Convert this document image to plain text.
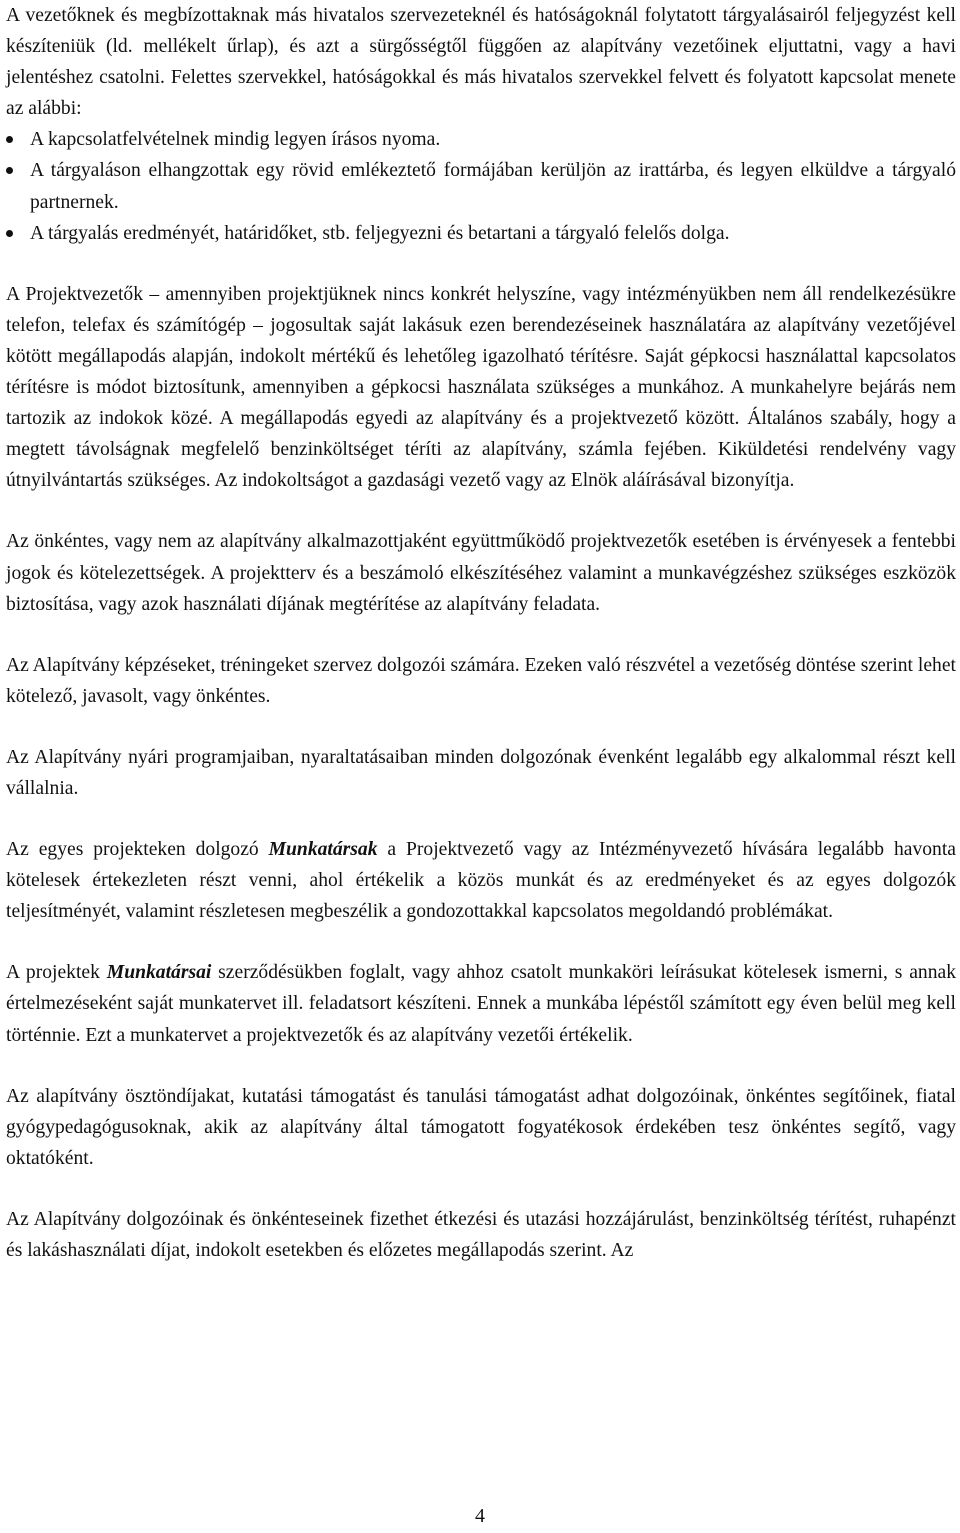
A vezetőknek és megbízottaknak más hivatalos szervezeteknél és hatóságoknál folytatott tárgyalásairól feljegyzést kell készíteniük (ld. mellékelt űrlap), és azt a sürgősségtől függően az alapítvány vezetőinek eljuttatni, vagy a havi jelentéshez csatolni. Felettes szervekkel, hatóságokkal és más hivatalos szervekkel felvett és folyatott kapcsolat menete az alábbi:

A kapcsolatfelvételnek mindig legyen írásos nyoma.
A tárgyaláson elhangzottak egy rövid emlékeztető formájában kerüljön az irattárba, és legyen elküldve a tárgyaló partnernek.
A tárgyalás eredményét, határidőket, stb. feljegyezni és betartani a tárgyaló felelős dolga.

A Projektvezetők – amennyiben projektjüknek nincs konkrét helyszíne, vagy intézményükben nem áll rendelkezésükre telefon, telefax és számítógép – jogosultak saját lakásuk ezen berendezéseinek használatára az alapítvány vezetőjével kötött megállapodás alapján, indokolt mértékű és lehetőleg igazolható térítésre. Saját gépkocsi használattal kapcsolatos térítésre is módot biztosítunk, amennyiben a gépkocsi használata szükséges a munkához. A munkahelyre bejárás nem tartozik az indokok közé. A megállapodás egyedi az alapítvány és a projektvezető között. Általános szabály, hogy a megtett távolságnak megfelelő benzinköltséget téríti az alapítvány, számla fejében. Kiküldetési rendelvény vagy útnyilvántartás szükséges. Az indokoltságot a gazdasági vezető vagy az Elnök aláírásával bizonyítja.

Az önkéntes, vagy nem az alapítvány alkalmazottjaként együttműködő projektvezetők esetében is érvényesek a fentebbi jogok és kötelezettségek. A projektterv és a beszámoló elkészítéséhez valamint a munkavégzéshez szükséges eszközök biztosítása, vagy azok használati díjának megtérítése az alapítvány feladata.

Az Alapítvány képzéseket, tréningeket szervez dolgozói számára. Ezeken való részvétel a vezetőség döntése szerint lehet kötelező, javasolt, vagy önkéntes.

Az Alapítvány nyári programjaiban, nyaraltatásaiban minden dolgozónak évenként legalább egy alkalommal részt kell vállalnia.

Az egyes projekteken dolgozó Munkatársak a Projektvezető vagy az Intézményvezető hívására legalább havonta kötelesek értekezleten részt venni, ahol értékelik a közös munkát és az eredményeket és az egyes dolgozók teljesítményét, valamint részletesen megbeszélik a gondozottakkal kapcsolatos megoldandó problémákat.

A projektek Munkatársai szerződésükben foglalt, vagy ahhoz csatolt munkaköri leírásukat kötelesek ismerni, s annak értelmezéseként saját munkatervet ill. feladatsort készíteni. Ennek a munkába lépéstől számított egy éven belül meg kell történnie. Ezt a munkatervet a projektvezetők és az alapítvány vezetői értékelik.

Az alapítvány ösztöndíjakat, kutatási támogatást és tanulási támogatást adhat dolgozóinak, önkéntes segítőinek, fiatal gyógypedagógusoknak, akik az alapítvány által támogatott fogyatékosok érdekében tesz önkéntes segítő, vagy oktatóként.

Az Alapítvány dolgozóinak és önkénteseinek fizethet étkezési és utazási hozzájárulást, benzinköltség térítést, ruhapénzt és lakáshasználati díjat, indokolt esetekben és előzetes megállapodás szerint. Az

4
